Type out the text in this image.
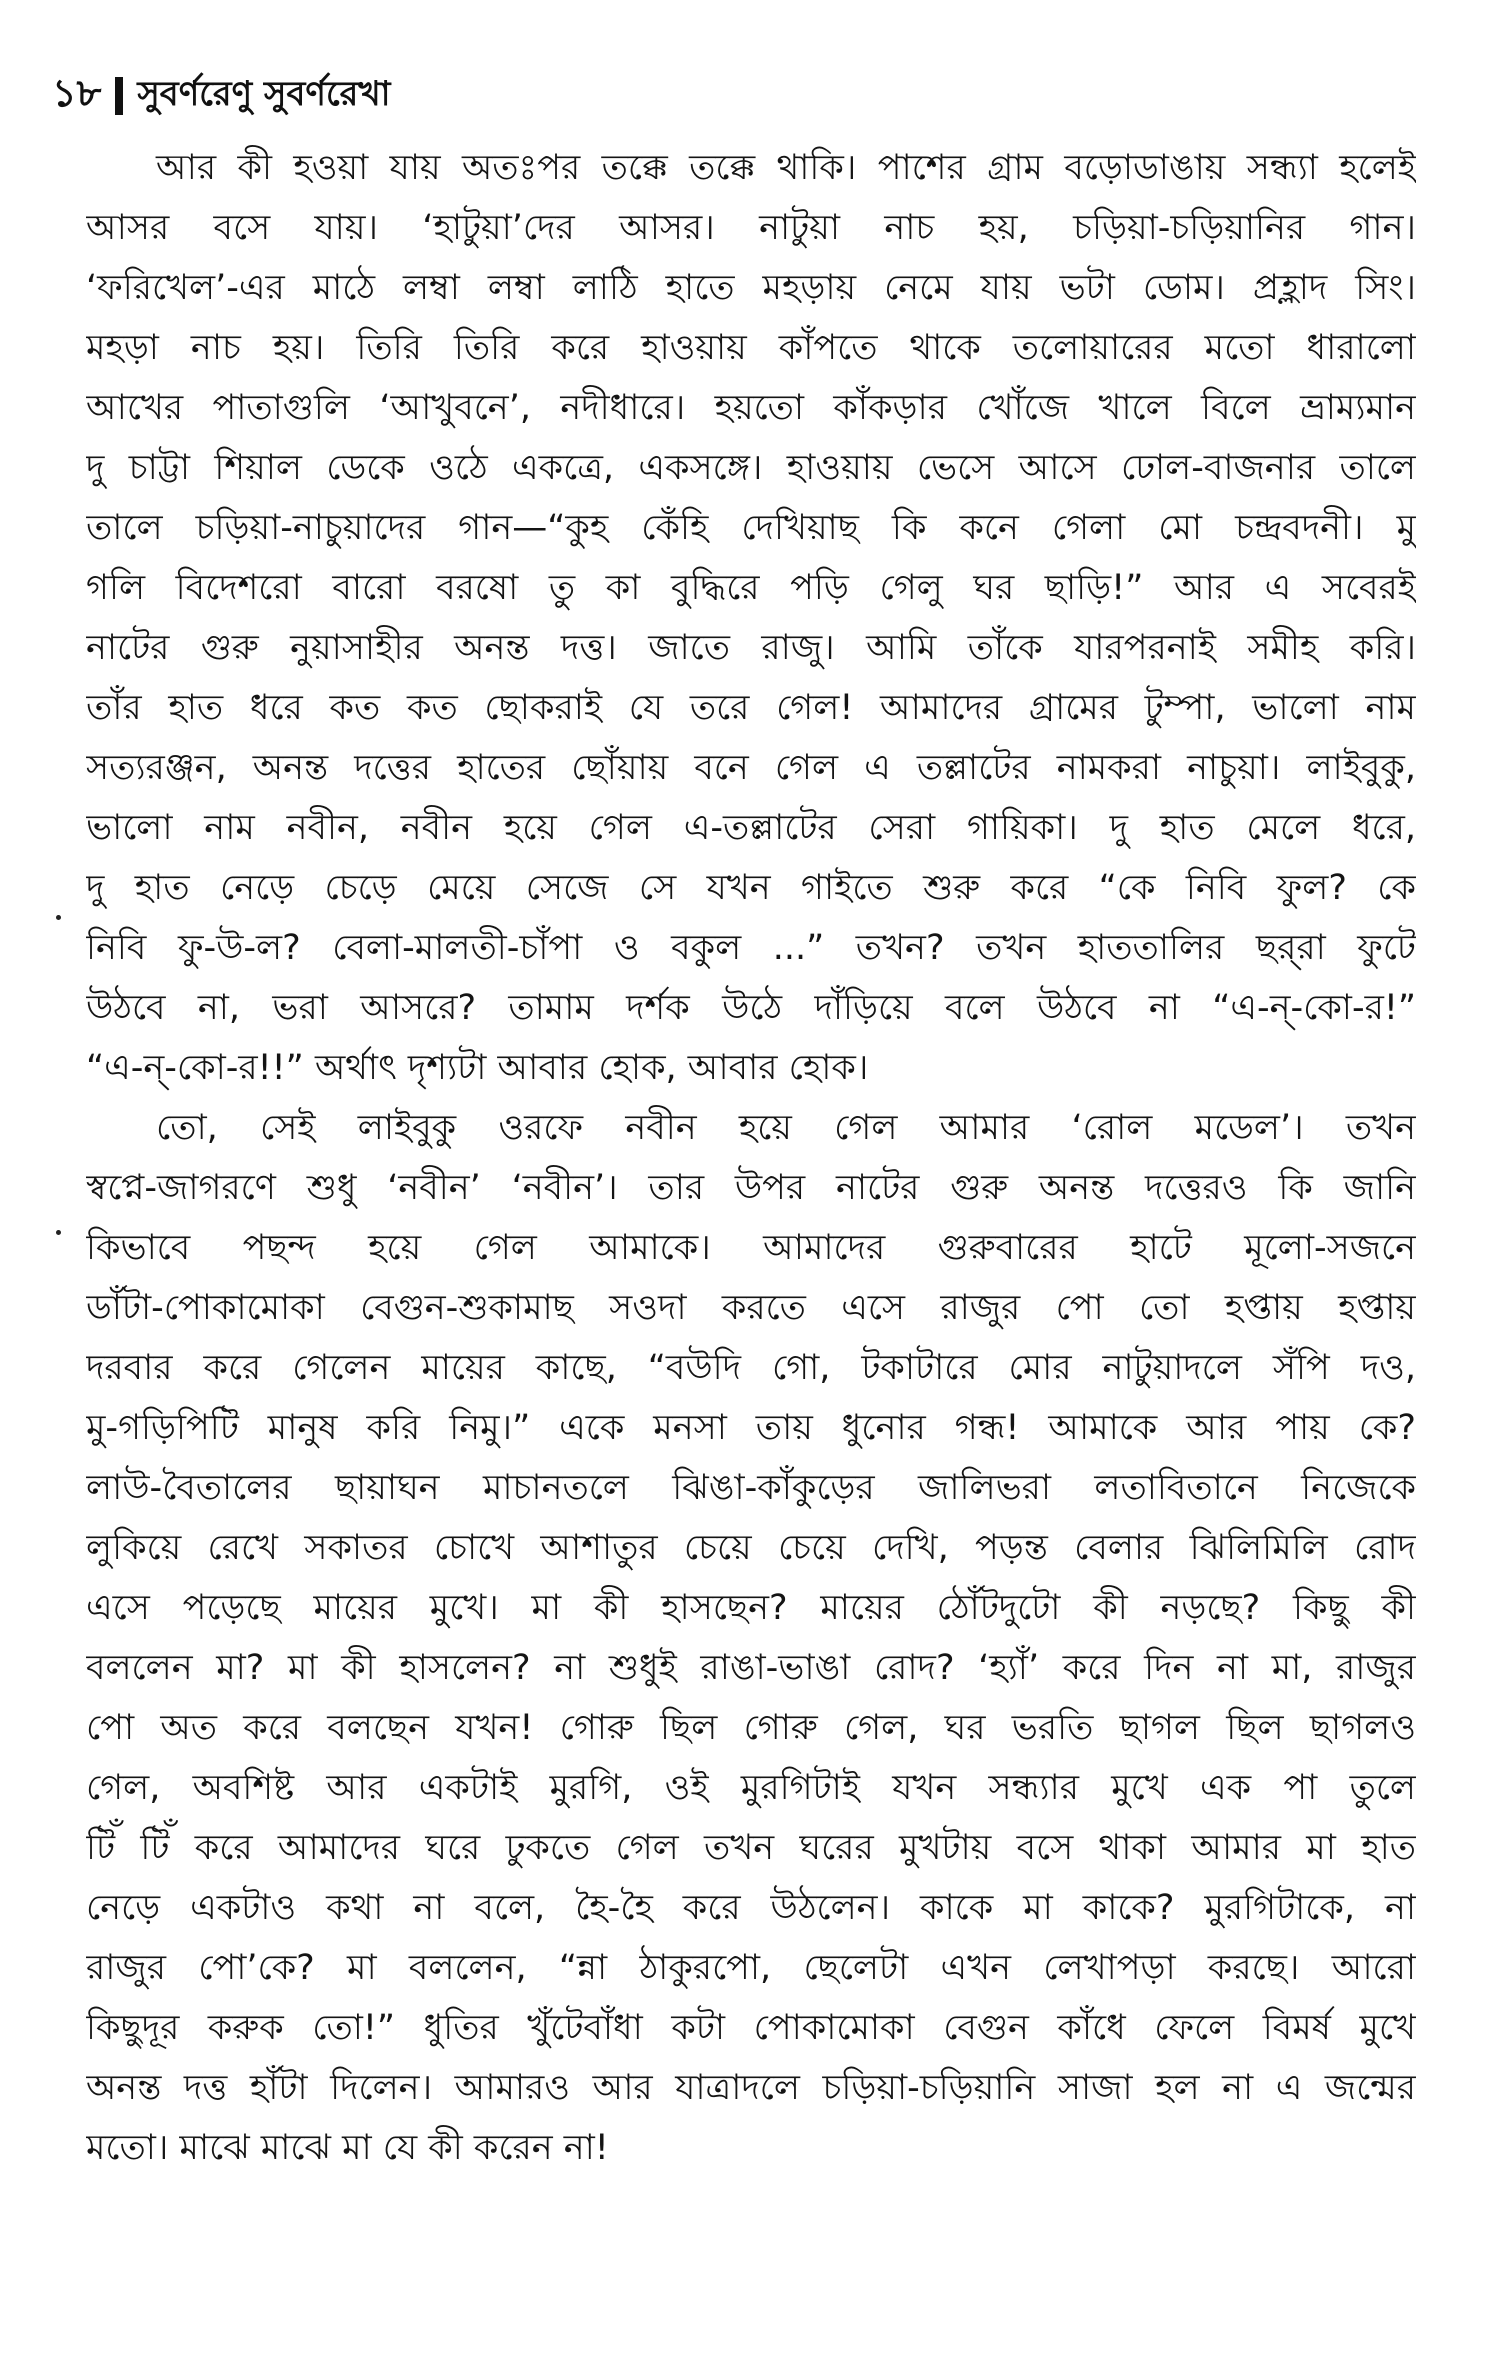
১৮ সুবর্ণরেণু সুবর্ণরেখা
আর কী হওয়া যায় অতঃপর তক্কে তক্কে থাকি। পাশের গ্রাম বড়োডাঙায় সন্ধ্যা হলেই
আসর বসে যায়। ‘হাটুয়া’দের আসর। নাটুয়া নাচ হয়, চড়িয়া-চড়িয়ানির গান।
‘ফরিখেল’-এর মাঠে লম্বা লম্বা লাঠি হাতে মহড়ায় নেমে যায় ভটা ডোম। প্রহ্লাদ সিং।
মহড়া নাচ হয়। তিরি তিরি করে হাওয়ায় কাঁপতে থাকে তলোয়ারের মতো ধারালো
আখের পাতাগুলি ‘আখুবনে’, নদীধারে। হয়তো কাঁকড়ার খোঁজে খালে বিলে ভ্রাম্যমান
দু চাট্টা শিয়াল ডেকে ওঠে একত্রে, একসঙ্গে। হাওয়ায় ভেসে আসে ঢোল-বাজনার তালে
তালে চড়িয়া-নাচুয়াদের গান—“কুহ কেঁহি দেখিয়াছ কি কনে গেলা মো চন্দ্রবদনী। মু
গলি বিদেশরো বারো বরষো তু কা বুদ্ধিরে পড়ি গেলু ঘর ছাড়ি!” আর এ সবেরই
নাটের গুরু নুয়াসাহীর অনন্ত দত্ত। জাতে রাজু। আমি তাঁকে যারপরনাই সমীহ করি।
তাঁর হাত ধরে কত কত ছোকরাই যে তরে গেল! আমাদের গ্রামের টুম্পা, ভালো নাম
সত্যরঞ্জন, অনন্ত দত্তের হাতের ছোঁয়ায় বনে গেল এ তল্লাটের নামকরা নাচুয়া। লাইবুকু,
ভালো নাম নবীন, নবীন হয়ে গেল এ-তল্লাটের সেরা গায়িকা। দু হাত মেলে ধরে,
দু হাত নেড়ে চেড়ে মেয়ে সেজে সে যখন গাইতে শুরু করে “কে নিবি ফুল? কে
নিবি ফু-উ-ল? বেলা-মালতী-চাঁপা ও বকুল ...” তখন? তখন হাততালির ছর্‌রা ফুটে
উঠবে না, ভরা আসরে? তামাম দর্শক উঠে দাঁড়িয়ে বলে উঠবে না “এ-ন্‌-কো-র!”
“এ-ন্‌-কো-র!!” অর্থাৎ দৃশ্যটা আবার হোক, আবার হোক।
তো, সেই লাইবুকু ওরফে নবীন হয়ে গেল আমার ‘রোল মডেল’। তখন
স্বপ্নে-জাগরণে শুধু ‘নবীন’ ‘নবীন’। তার উপর নাটের গুরু অনন্ত দত্তেরও কি জানি
কিভাবে পছন্দ হয়ে গেল আমাকে। আমাদের গুরুবারের হাটে মূলো-সজনে
ডাঁটা-পোকামোকা বেগুন-শুকামাছ সওদা করতে এসে রাজুর পো তো হপ্তায় হপ্তায়
দরবার করে গেলেন মায়ের কাছে, “বউদি গো, টকাটারে মোর নাটুয়াদলে সঁপি দও,
মু-গড়িপিটি মানুষ করি নিমু।” একে মনসা তায় ধুনোর গন্ধ! আমাকে আর পায় কে?
লাউ-বৈতালের ছায়াঘন মাচানতলে ঝিঙা-কাঁকুড়ের জালিভরা লতাবিতানে নিজেকে
লুকিয়ে রেখে সকাতর চোখে আশাতুর চেয়ে চেয়ে দেখি, পড়ন্ত বেলার ঝিলিমিলি রোদ
এসে পড়েছে মায়ের মুখে। মা কী হাসছেন? মায়ের ঠোঁটদুটো কী নড়ছে? কিছু কী
বললেন মা? মা কী হাসলেন? না শুধুই রাঙা-ভাঙা রোদ? ‘হ্যাঁ’ করে দিন না মা, রাজুর
পো অত করে বলছেন যখন! গোরু ছিল গোরু গেল, ঘর ভরতি ছাগল ছিল ছাগলও
গেল, অবশিষ্ট আর একটাই মুরগি, ওই মুরগিটাই যখন সন্ধ্যার মুখে এক পা তুলে
টিঁ টিঁ করে আমাদের ঘরে ঢুকতে গেল তখন ঘরের মুখটায় বসে থাকা আমার মা হাত
নেড়ে একটাও কথা না বলে, হৈ-হৈ করে উঠলেন। কাকে মা কাকে? মুরগিটাকে, না
রাজুর পো’কে? মা বললেন, “ন্না ঠাকুরপো, ছেলেটা এখন লেখাপড়া করছে। আরো
কিছুদূর করুক তো!” ধুতির খুঁটেবাঁধা কটা পোকামোকা বেগুন কাঁধে ফেলে বিমর্ষ মুখে
অনন্ত দত্ত হাঁটা দিলেন। আমারও আর যাত্রাদলে চড়িয়া-চড়িয়ানি সাজা হল না এ জন্মের
মতো। মাঝে মাঝে মা যে কী করেন না!
